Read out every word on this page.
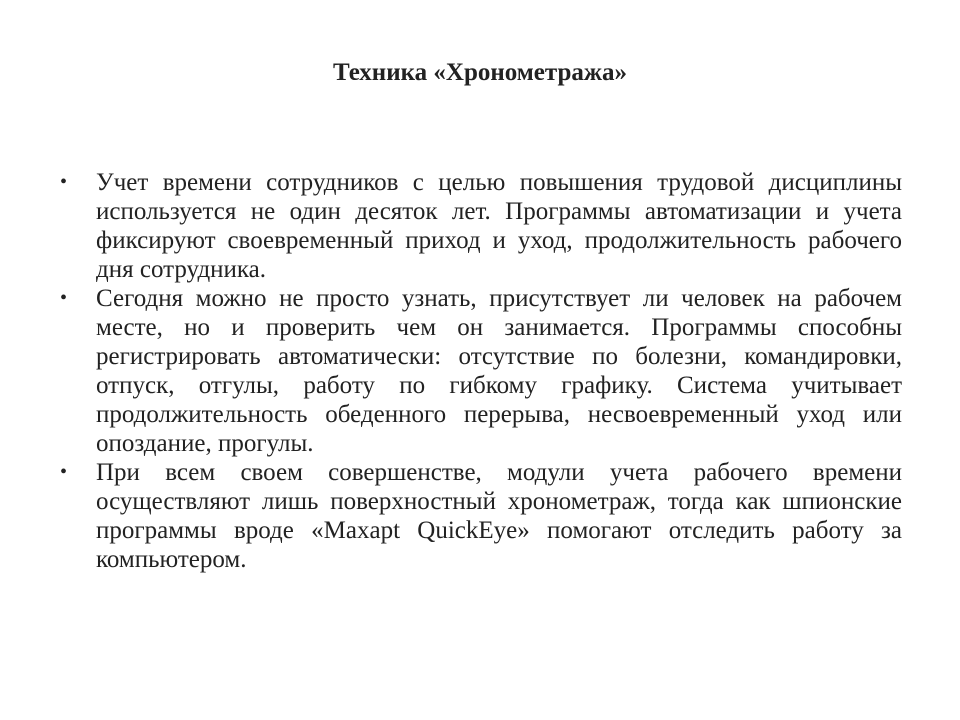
Техника «Хронометража»
•	Учет времени сотрудников с целью повышения трудовой дисциплины используется не один десяток лет. Программы автоматизации и учета фиксируют своевременный приход и уход, продолжительность рабочего дня сотрудника.
•	Сегодня можно не просто узнать, присутствует ли человек на рабочем месте, но и проверить чем он занимается. Программы способны регистрировать автоматически: отсутствие по болезни, командировки, отпуск, отгулы, работу по гибкому графику. Система учитывает продолжительность обеденного перерыва, несвоевременный уход или опоздание, прогулы.
•	При всем своем совершенстве, модули учета рабочего времени осуществляют лишь поверхностный хронометраж, тогда как шпионские программы вроде «Maxapt QuickEye» помогают отследить работу за компьютером.
